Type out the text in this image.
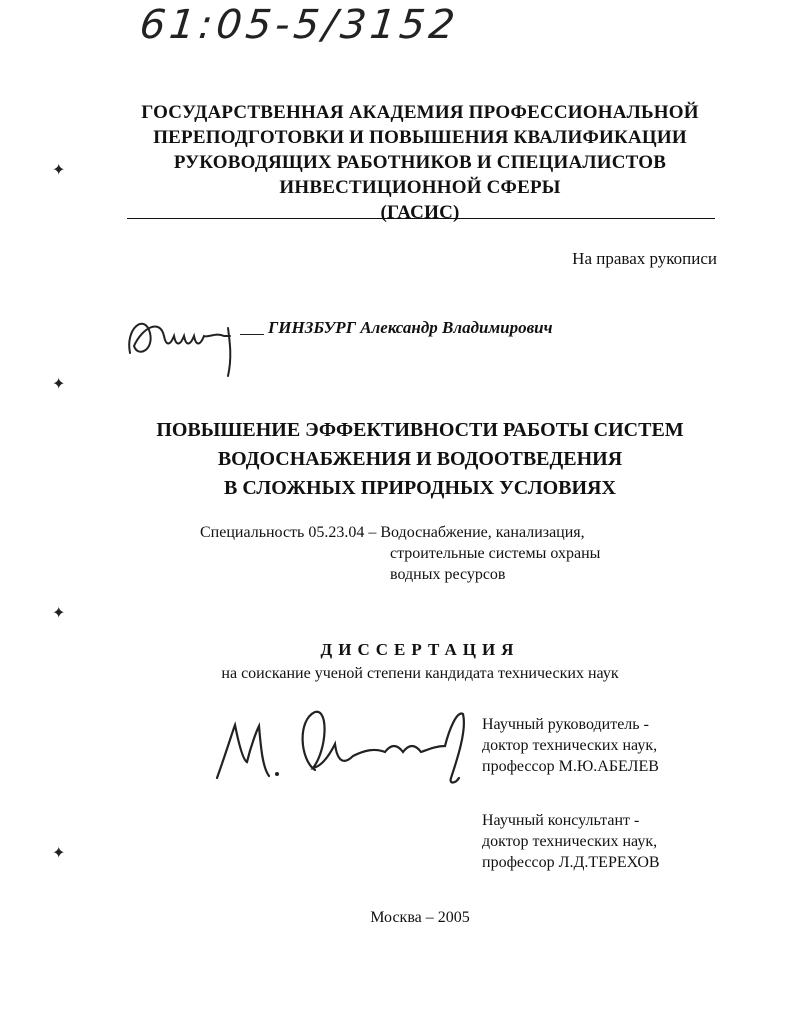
61:05-5/3152
ГОСУДАРСТВЕННАЯ АКАДЕМИЯ ПРОФЕССИОНАЛЬНОЙ
ПЕРЕПОДГОТОВКИ И ПОВЫШЕНИЯ КВАЛИФИКАЦИИ
РУКОВОДЯЩИХ РАБОТНИКОВ И СПЕЦИАЛИСТОВ
ИНВЕСТИЦИОННОЙ СФЕРЫ
(ГАСИС)
На правах рукописи
ГИНЗБУРГ Александр Владимирович
ПОВЫШЕНИЕ ЭФФЕКТИВНОСТИ РАБОТЫ СИСТЕМ
ВОДОСНАБЖЕНИЯ И ВОДООТВЕДЕНИЯ
В СЛОЖНЫХ ПРИРОДНЫХ УСЛОВИЯХ
Специальность 05.23.04 – Водоснабжение, канализация,
строительные системы охраны
водных ресурсов
ДИССЕРТАЦИЯ
на соискание ученой степени кандидата технических наук
Научный руководитель -
доктор технических наук,
профессор М.Ю.АБЕЛЕВ
Научный консультант -
доктор технических наук,
профессор Л.Д.ТЕРЕХОВ
Москва – 2005
✦
✦
✦
✦
